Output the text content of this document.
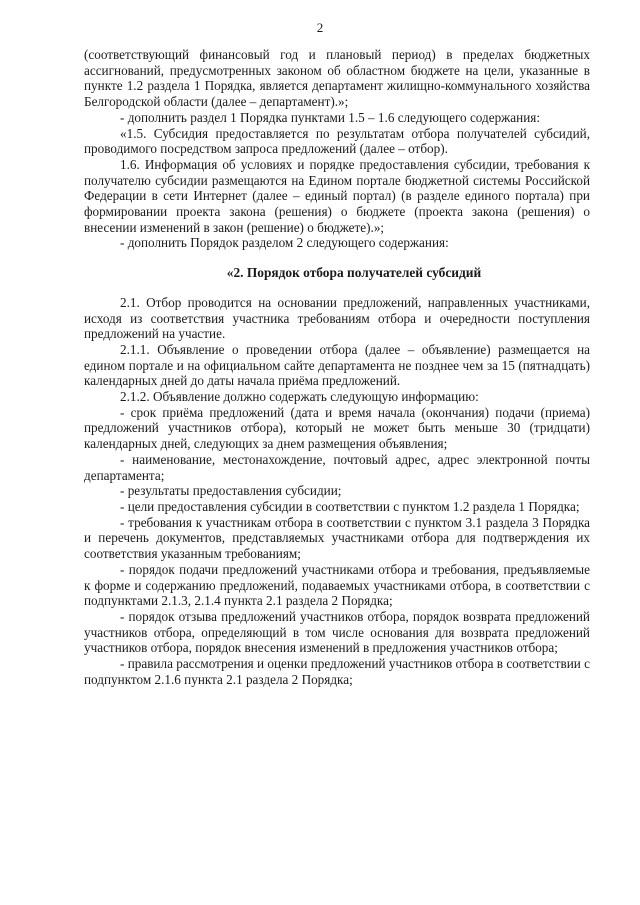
2

(соответствующий финансовый год и плановый период) в пределах бюджетных ассигнований, предусмотренных законом об областном бюджете на цели, указанные в пункте 1.2 раздела 1 Порядка, является департамент жилищно-коммунального хозяйства Белгородской области (далее – департамент).»;

- дополнить раздел 1 Порядка пунктами 1.5 – 1.6 следующего содержания:

«1.5. Субсидия предоставляется по результатам отбора получателей субсидий, проводимого посредством запроса предложений (далее – отбор).

1.6. Информация об условиях и порядке предоставления субсидии, требования к получателю субсидии размещаются на Едином портале бюджетной системы Российской Федерации в сети Интернет (далее – единый портал) (в разделе единого портала) при формировании проекта закона (решения) о бюджете (проекта закона (решения) о внесении изменений в закон (решение) о бюджете).»;

- дополнить Порядок разделом 2 следующего содержания:

«2. Порядок отбора получателей субсидий

2.1. Отбор проводится на основании предложений, направленных участниками, исходя из соответствия участника требованиям отбора и очередности поступления предложений на участие.

2.1.1. Объявление о проведении отбора (далее – объявление) размещается на едином портале и на официальном сайте департамента не позднее чем за 15 (пятнадцать) календарных дней до даты начала приёма предложений.

2.1.2. Объявление должно содержать следующую информацию:

- срок приёма предложений (дата и время начала (окончания) подачи (приема) предложений участников отбора), который не может быть меньше 30 (тридцати) календарных дней, следующих за днем размещения объявления;

- наименование, местонахождение, почтовый адрес, адрес электронной почты департамента;

- результаты предоставления субсидии;

- цели предоставления субсидии в соответствии с пунктом 1.2 раздела 1 Порядка;

- требования к участникам отбора в соответствии с пунктом 3.1 раздела 3 Порядка и перечень документов, представляемых участниками отбора для подтверждения их соответствия указанным требованиям;

- порядок подачи предложений участниками отбора и требования, предъявляемые к форме и содержанию предложений, подаваемых участниками отбора, в соответствии с подпунктами 2.1.3, 2.1.4 пункта 2.1 раздела 2 Порядка;

- порядок отзыва предложений участников отбора, порядок возврата предложений участников отбора, определяющий в том числе основания для возврата предложений участников отбора, порядок внесения изменений в предложения участников отбора;

- правила рассмотрения и оценки предложений участников отбора в соответствии с подпунктом 2.1.6 пункта 2.1 раздела 2 Порядка;
